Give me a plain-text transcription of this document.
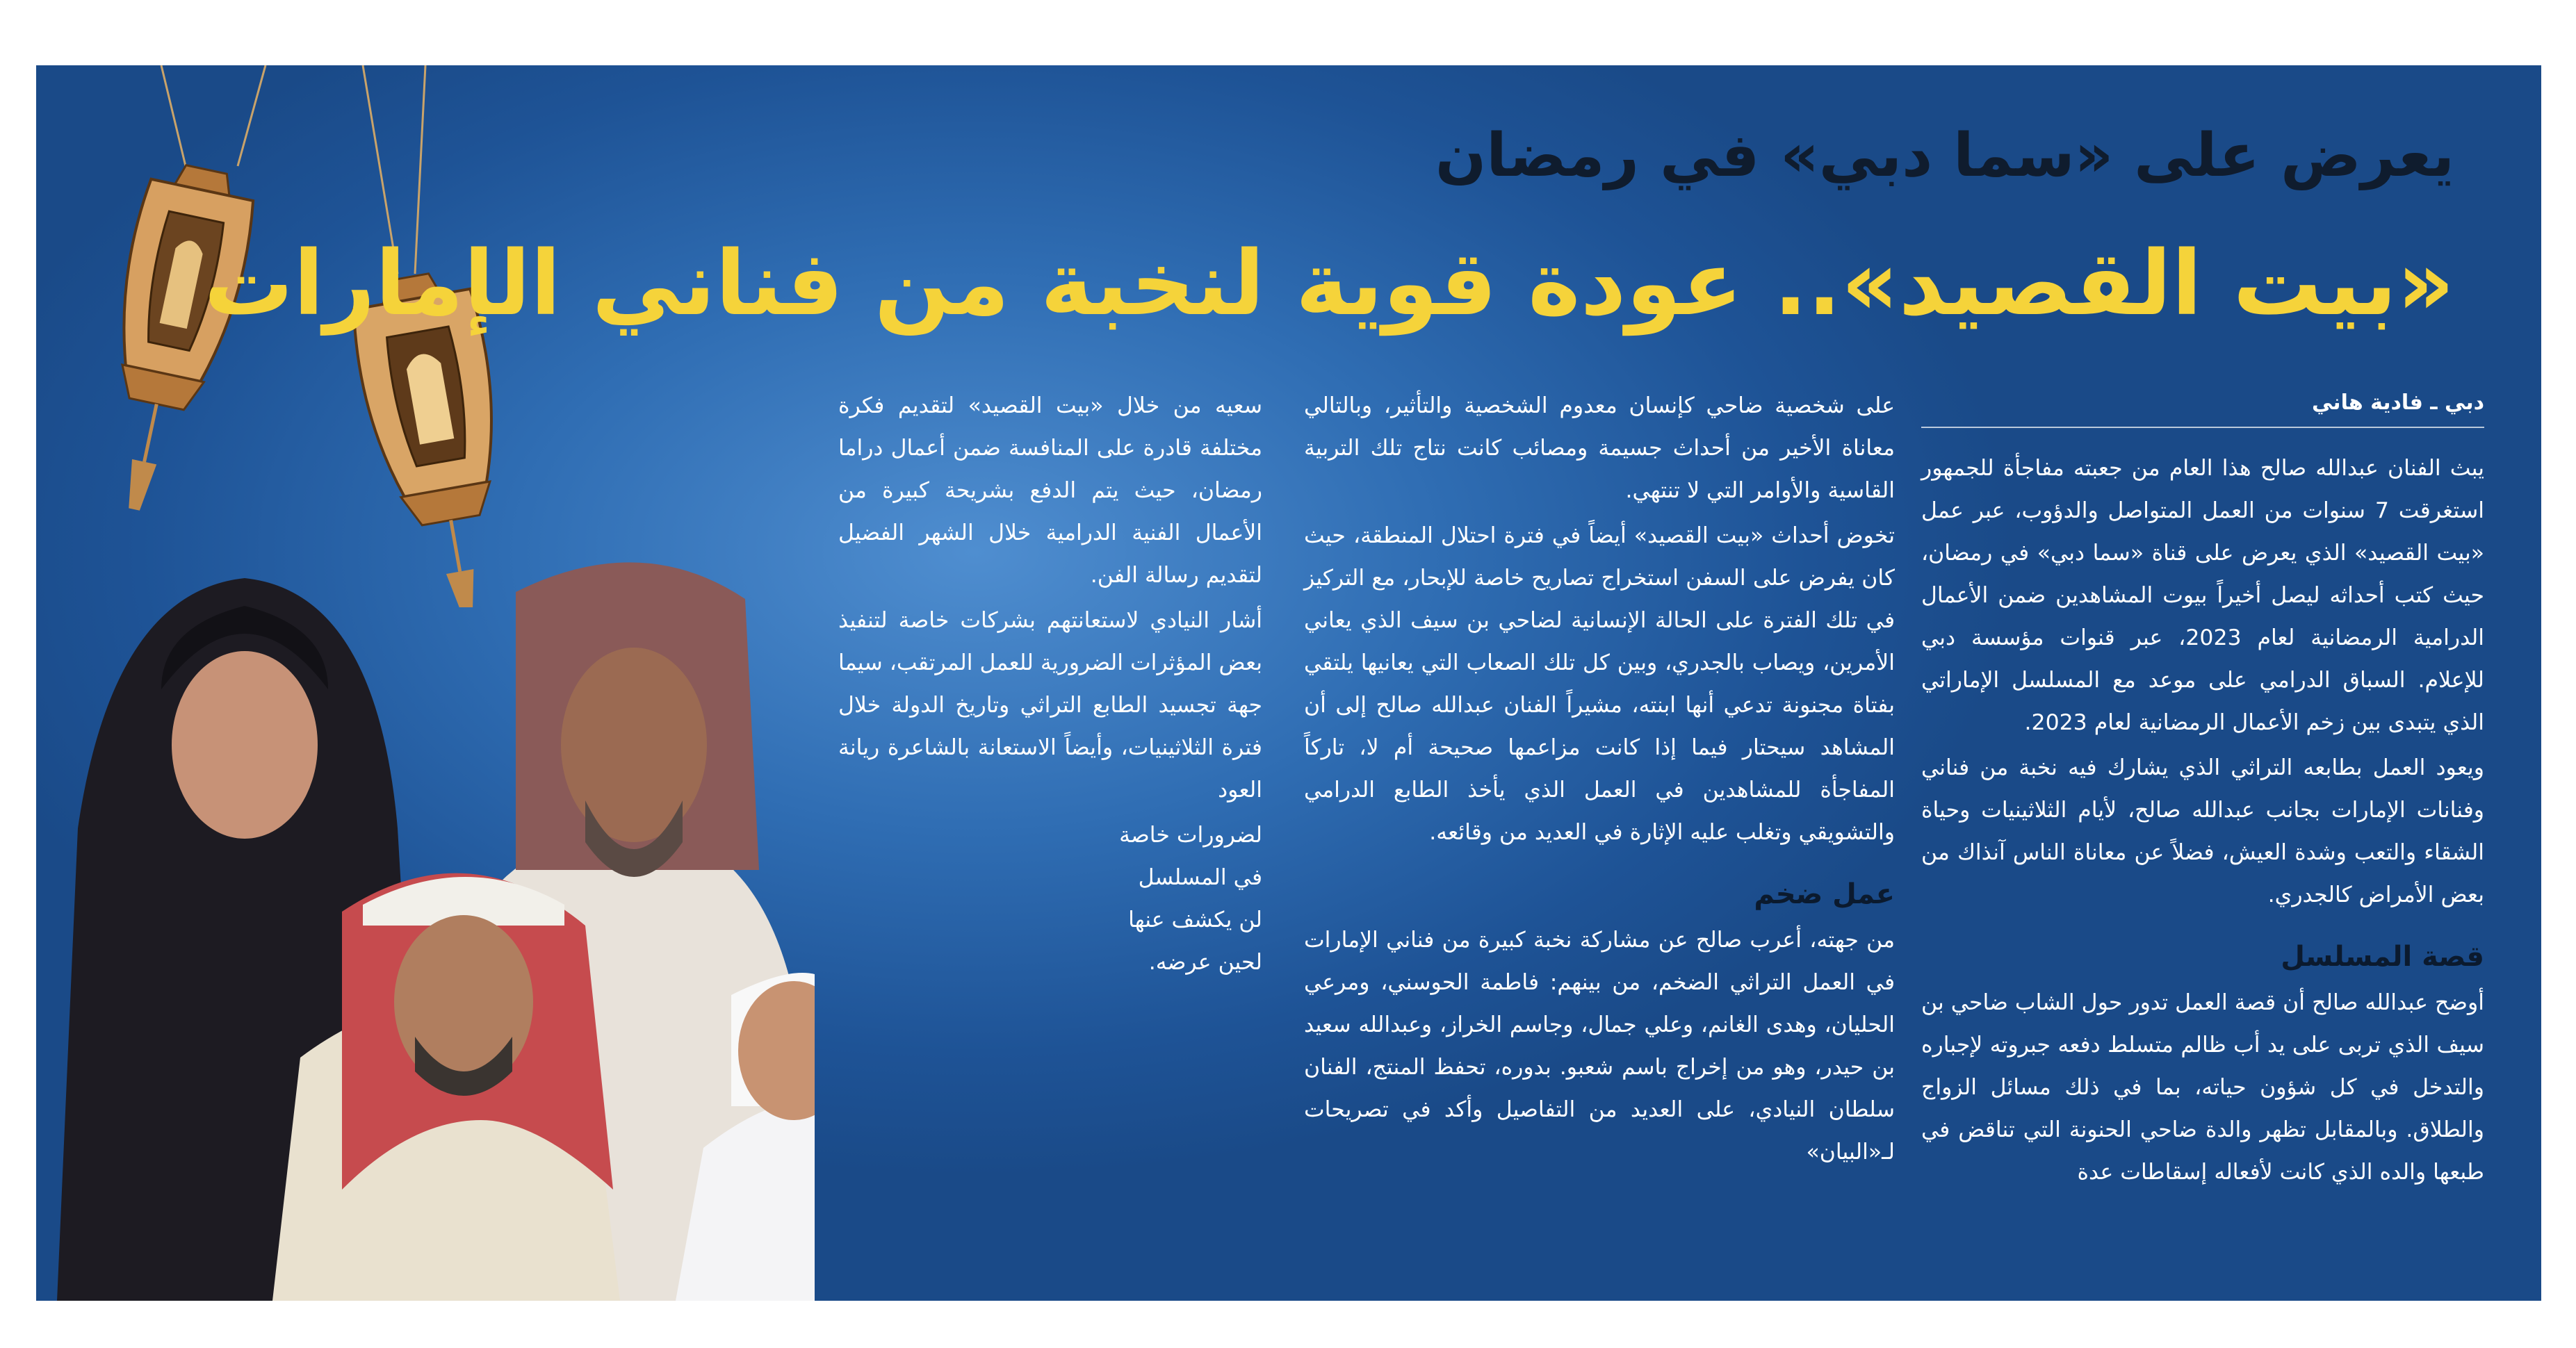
يعرض على «سما دبي» في رمضان
«بيت القصيد».. عودة قوية لنخبة من فناني الإمارات
دبي ـ فادية هاني

يبث الفنان عبدالله صالح هذا العام من جعبته مفاجأة للجمهور استغرقت 7 سنوات من العمل المتواصل والدؤوب، عبر عمل «بيت القصيد» الذي يعرض على قناة «سما دبي» في رمضان، حيث كتب أحداثه ليصل أخيراً بيوت المشاهدين ضمن الأعمال الدرامية الرمضانية لعام 2023، عبر قنوات مؤسسة دبي للإعلام. السباق الدرامي على موعد مع المسلسل الإماراتي الذي يتبدى بين زخم الأعمال الرمضانية لعام 2023.

ويعود العمل بطابعه التراثي الذي يشارك فيه نخبة من فناني وفنانات الإمارات بجانب عبدالله صالح، لأيام الثلاثينيات وحياة الشقاء والتعب وشدة العيش، فضلاً عن معاناة الناس آنذاك من بعض الأمراض كالجدري.

قصة المسلسل

أوضح عبدالله صالح أن قصة العمل تدور حول الشاب ضاحي بن سيف الذي تربى على يد أب ظالم متسلط دفعه جبروته لإجباره والتدخل في كل شؤون حياته، بما في ذلك مسائل الزواج والطلاق. وبالمقابل تظهر والدة ضاحي الحنونة التي تناقض في طبعها والده الذي كانت لأفعاله إسقاطات عدة

على شخصية ضاحي كإنسان معدوم الشخصية والتأثير، وبالتالي معاناة الأخير من أحداث جسيمة ومصائب كانت نتاج تلك التربية القاسية والأوامر التي لا تنتهي.

تخوض أحداث «بيت القصيد» أيضاً في فترة احتلال المنطقة، حيث كان يفرض على السفن استخراج تصاريح خاصة للإبحار، مع التركيز في تلك الفترة على الحالة الإنسانية لضاحي بن سيف الذي يعاني الأمرين، ويصاب بالجدري، وبين كل تلك الصعاب التي يعانيها يلتقي بفتاة مجنونة تدعي أنها ابنته، مشيراً الفنان عبدالله صالح إلى أن المشاهد سيحتار فيما إذا كانت مزاعمها صحيحة أم لا، تاركاً المفاجأة للمشاهدين في العمل الذي يأخذ الطابع الدرامي والتشويقي وتغلب عليه الإثارة في العديد من وقائعه.

عمل ضخم

من جهته، أعرب صالح عن مشاركة نخبة كبيرة من فناني الإمارات في العمل التراثي الضخم، من بينهم: فاطمة الحوسني، ومرعي الحليان، وهدى الغانم، وعلي جمال، وجاسم الخراز، وعبدالله سعيد بن حيدر، وهو من إخراج باسم شعبو. بدوره، تحفظ المنتج، الفنان سلطان النيادي، على العديد من التفاصيل وأكد في تصريحات لـ«البيان»

سعيه من خلال «بيت القصيد» لتقديم فكرة مختلفة قادرة على المنافسة ضمن أعمال دراما رمضان، حيث يتم الدفع بشريحة كبيرة من الأعمال الفنية الدرامية خلال الشهر الفضيل لتقديم رسالة الفن.

أشار النيادي لاستعانتهم بشركات خاصة لتنفيذ بعض المؤثرات الضرورية للعمل المرتقب، سيما جهة تجسيد الطابع التراثي وتاريخ الدولة خلال فترة الثلاثينيات، وأيضاً الاستعانة بالشاعرة ريانة العود

لضرورات خاصة
في المسلسل
لن يكشف عنها
لحين عرضه.
